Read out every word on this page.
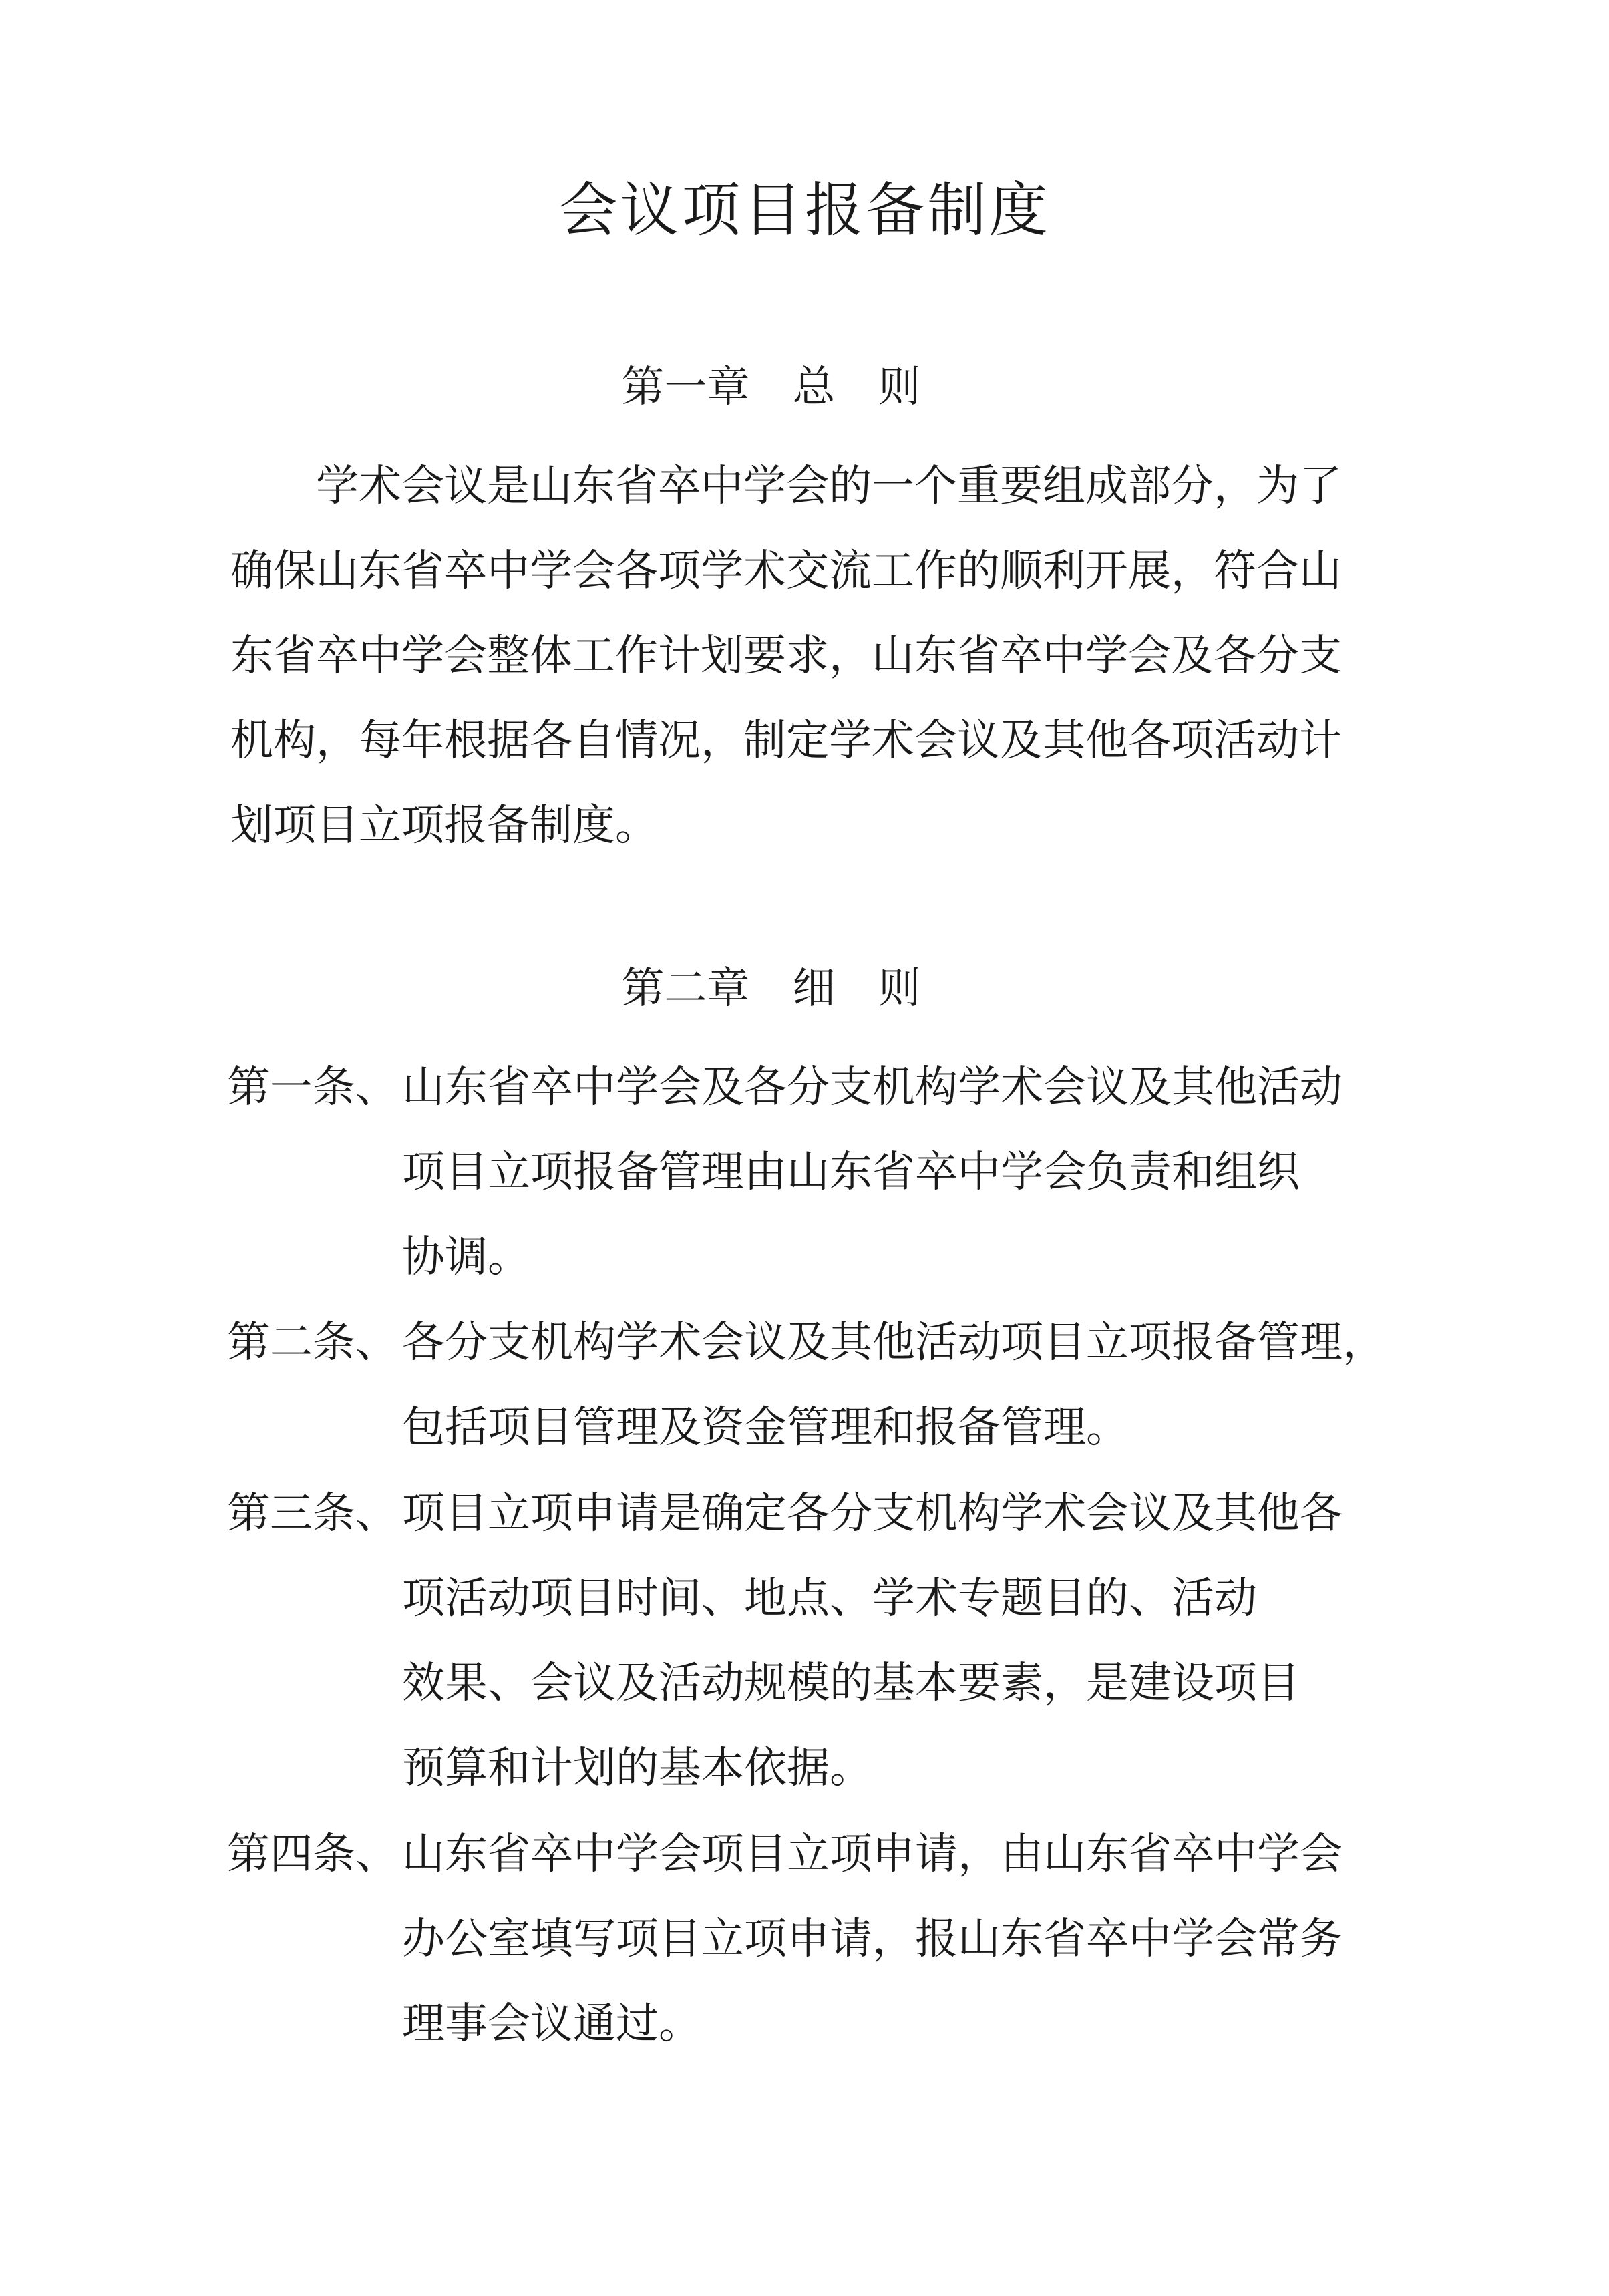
会议项目报备制度
第一章　总　则

　　学术会议是山东省卒中学会的一个重要组成部分，为了
确保山东省卒中学会各项学术交流工作的顺利开展，符合山
东省卒中学会整体工作计划要求，山东省卒中学会及各分支
机构，每年根据各自情况，制定学术会议及其他各项活动计
划项目立项报备制度。

第二章　细　则
第一条、 山东省卒中学会及各分支机构学术会议及其他活动
项目立项报备管理由山东省卒中学会负责和组织
协调。
第二条、 各分支机构学术会议及其他活动项目立项报备管理，
包括项目管理及资金管理和报备管理。
第三条、 项目立项申请是确定各分支机构学术会议及其他各
项活动项目时间、地点、学术专题目的、活动
效果、会议及活动规模的基本要素，是建设项目
预算和计划的基本依据。
第四条、 山东省卒中学会项目立项申请，由山东省卒中学会
办公室填写项目立项申请，报山东省卒中学会常务
理事会议通过。
